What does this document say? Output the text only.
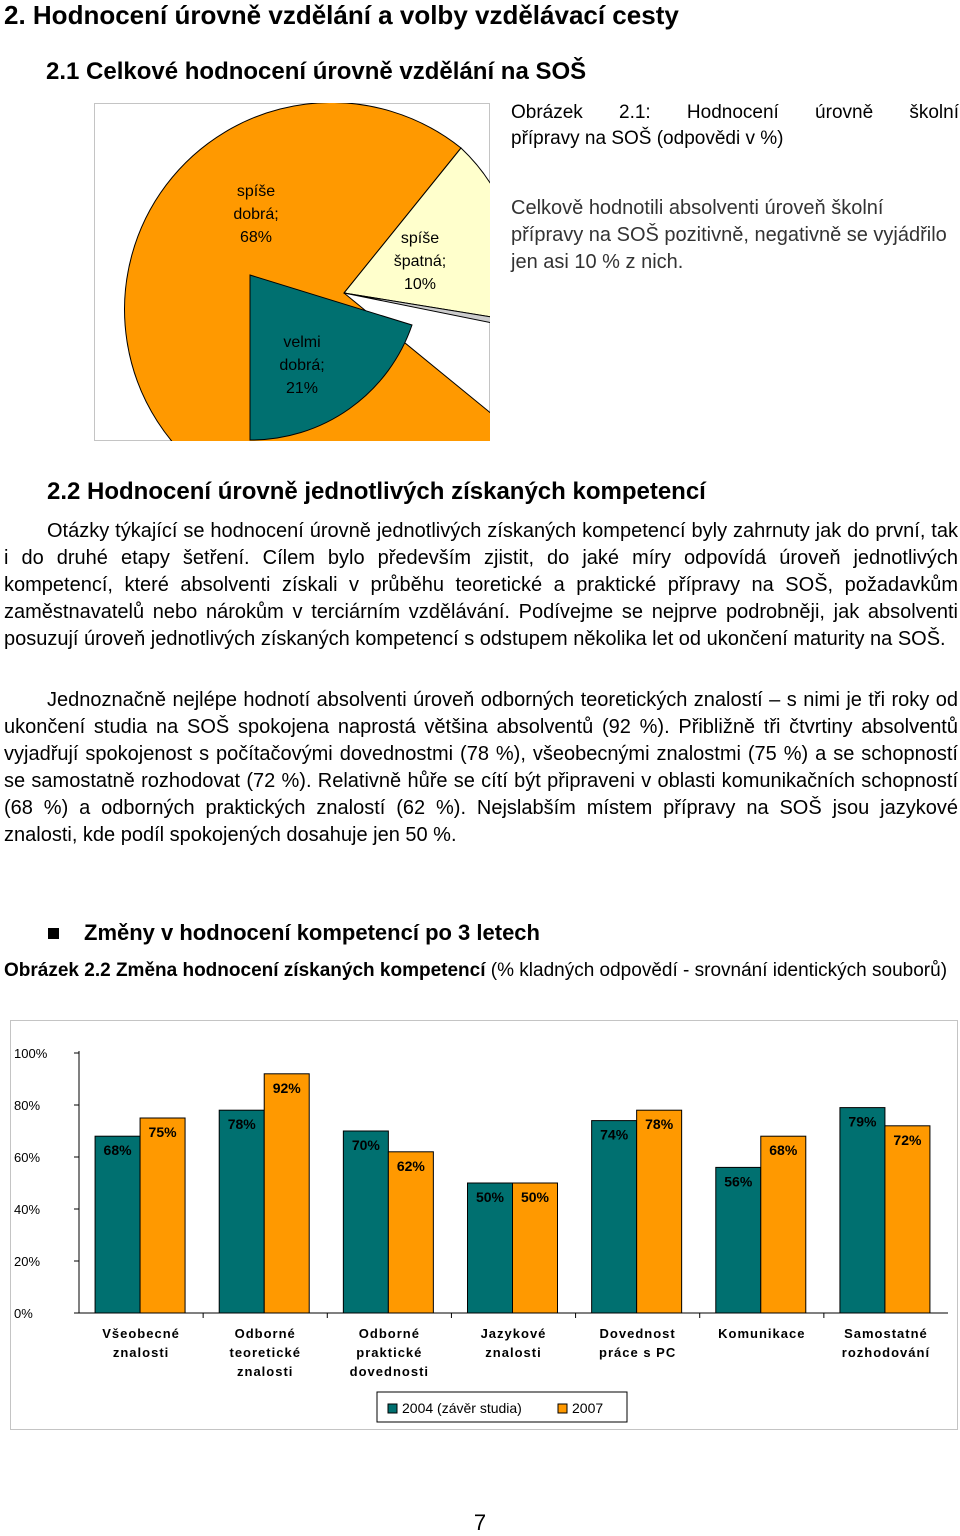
2. Hodnocení úrovně vzdělání a volby vzdělávací cesty
2.1 Celkové hodnocení úrovně vzdělání na SOŠ
spíše
dobrá;
68%	spíše
špatná;
10%
velmi
dobrá;
21%
Obrázek 2.1: Hodnocení úrovně školní
přípravy na SOŠ (odpovědi v %)
Celkově hodnotili absolventi úroveň školní přípravy na SOŠ pozitivně, negativně se vyjádřilo jen asi 10 % z nich.
2.2 Hodnocení úrovně jednotlivých získaných kompetencí
Otázky týkající se hodnocení úrovně jednotlivých získaných kompetencí byly zahrnuty jak do první, tak i do druhé etapy šetření. Cílem bylo především zjistit, do jaké míry odpovídá úroveň jednotlivých kompetencí, které absolventi získali v průběhu teoretické a praktické přípravy na SOŠ, požadavkům zaměstnavatelů nebo nárokům v terciárním vzdělávání. Podívejme se nejprve podrobněji, jak absolventi posuzují úroveň jednotlivých získaných kompetencí s odstupem několika let od ukončení maturity na SOŠ.
Jednoznačně nejlépe hodnotí absolventi úroveň odborných teoretických znalostí – s nimi je tři roky od ukončení studia na SOŠ spokojena naprostá většina absolventů (92 %). Přibližně tři čtvrtiny absolventů vyjadřují spokojenost s počítačovými dovednostmi (78 %), všeobecnými znalostmi (75 %) a se schopností se samostatně rozhodovat (72 %). Relativně hůře se cítí být připraveni v oblasti komunikačních schopností (68 %) a odborných praktických znalostí (62 %). Nejslabším místem přípravy na SOŠ jsou jazykové znalosti, kde podíl spokojených dosahuje jen 50 %.
Změny v hodnocení kompetencí po 3 letech
Obrázek 2.2 Změna hodnocení získaných kompetencí (% kladných odpovědí - srovnání identických souborů)
100%
80%
60%
40%
20%
0%
68%
75%
Všeobecné
znalosti
78%
92%
Odborné
teoretické
znalosti
70%
62%
Odborné
praktické
dovednosti
50% 50%
Jazykové
znalosti
74%
78%
Dovednost
práce s PC
56%
68%
Komunikace
79%
72%
Samostatné
rozhodování
2004 (závěr studia)	2007
7
